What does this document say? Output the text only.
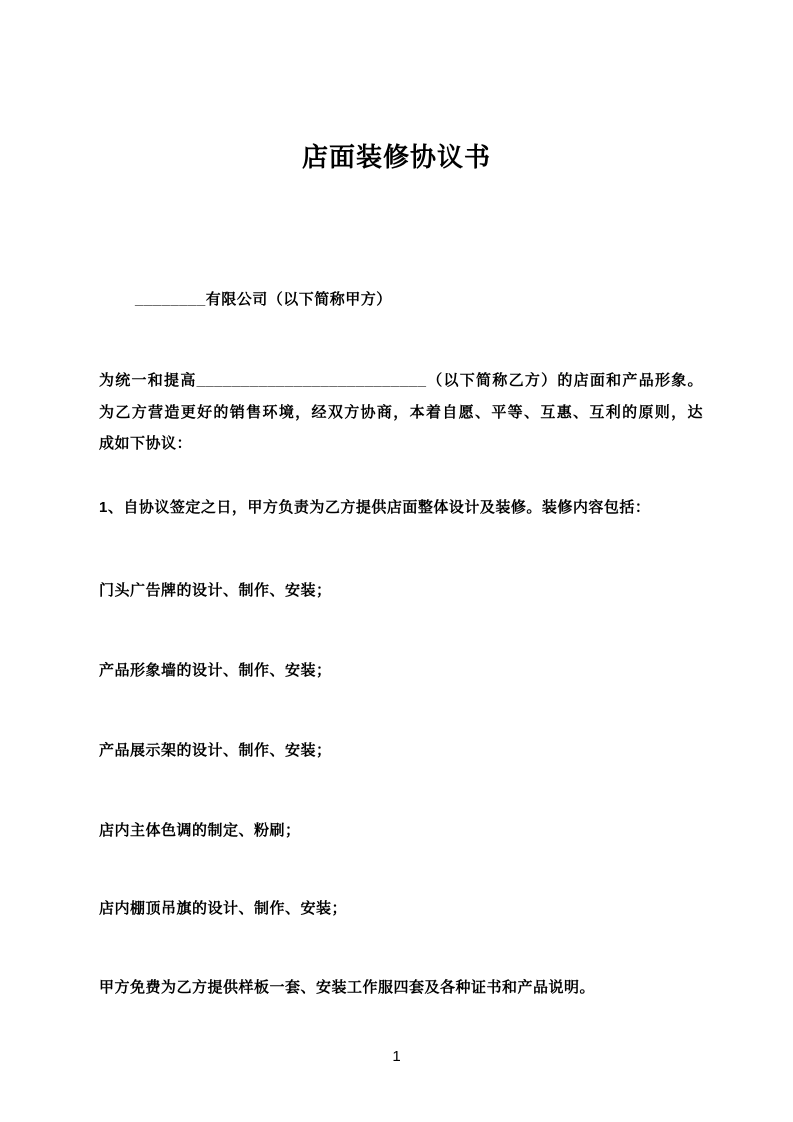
店面装修协议书
________有限公司（以下简称甲方）
为统一和提高__________________________（以下简称乙方）的店面和产品形象。
为乙方营造更好的销售环境，经双方协商，本着自愿、平等、互惠、互利的原则，达
成如下协议：
1、自协议签定之日，甲方负责为乙方提供店面整体设计及装修。装修内容包括：
门头广告牌的设计、制作、安装；
产品形象墙的设计、制作、安装；
产品展示架的设计、制作、安装；
店内主体色调的制定、粉刷；
店内棚顶吊旗的设计、制作、安装；
甲方免费为乙方提供样板一套、安装工作服四套及各种证书和产品说明。
1
